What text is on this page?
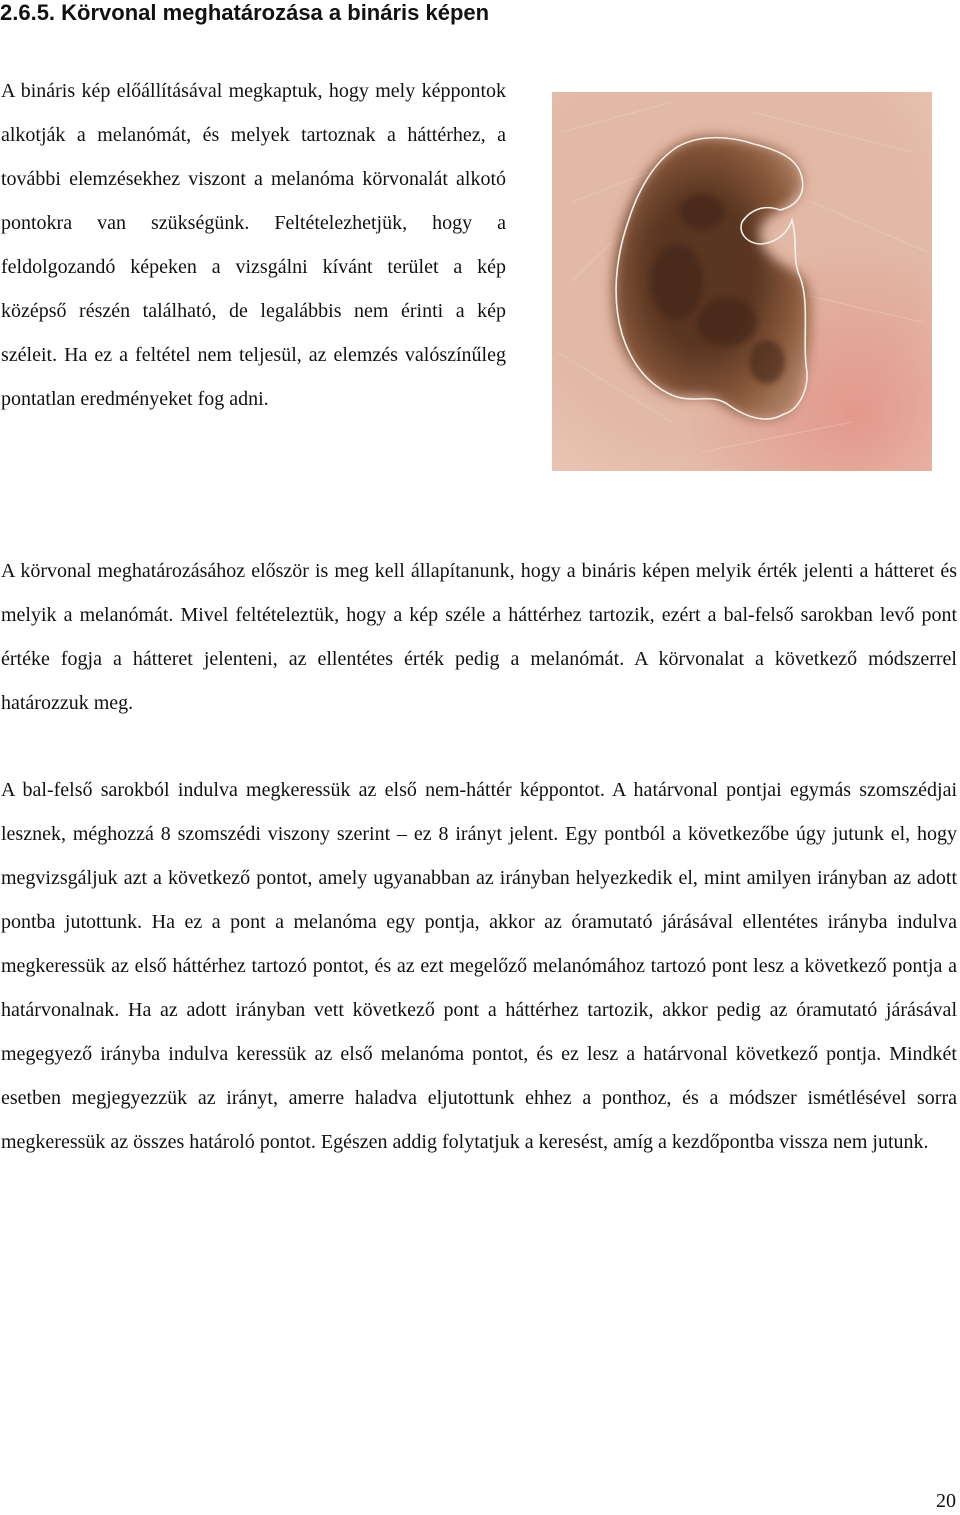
2.6.5. Körvonal meghatározása a bináris képen

A bináris kép előállításával megkaptuk, hogy mely képpontok alkotják a melanómát, és melyek tartoznak a háttérhez, a további elemzésekhez viszont a melanóma körvonalát alkotó pontokra van szükségünk. Feltételezhetjük, hogy a feldolgozandó képeken a vizsgálni kívánt terület a kép középső részén található, de legalábbis nem érinti a kép széleit. Ha ez a feltétel nem teljesül, az elemzés valószínűleg pontatlan eredményeket fog adni.

A körvonal meghatározásához először is meg kell állapítanunk, hogy a bináris képen melyik érték jelenti a hátteret és melyik a melanómát. Mivel feltételeztük, hogy a kép széle a háttérhez tartozik, ezért a bal-felső sarokban levő pont értéke fogja a hátteret jelenteni, az ellentétes érték pedig a melanómát. A körvonalat a következő módszerrel határozzuk meg.

A bal-felső sarokból indulva megkeressük az első nem-háttér képpontot. A határvonal pontjai egymás szomszédjai lesznek, méghozzá 8 szomszédi viszony szerint – ez 8 irányt jelent. Egy pontból a következőbe úgy jutunk el, hogy megvizsgáljuk azt a következő pontot, amely ugyanabban az irányban helyezkedik el, mint amilyen irányban az adott pontba jutottunk. Ha ez a pont a melanóma egy pontja, akkor az óramutató járásával ellentétes irányba indulva megkeressük az első háttérhez tartozó pontot, és az ezt megelőző melanómához tartozó pont lesz a következő pontja a határvonalnak. Ha az adott irányban vett következő pont a háttérhez tartozik, akkor pedig az óramutató járásával megegyező irányba indulva keressük az első melanóma pontot, és ez lesz a határvonal következő pontja. Mindkét esetben megjegyezzük az irányt, amerre haladva eljutottunk ehhez a ponthoz, és a módszer ismétlésével sorra megkeressük az összes határoló pontot. Egészen addig folytatjuk a keresést, amíg a kezdőpontba vissza nem jutunk.

20
